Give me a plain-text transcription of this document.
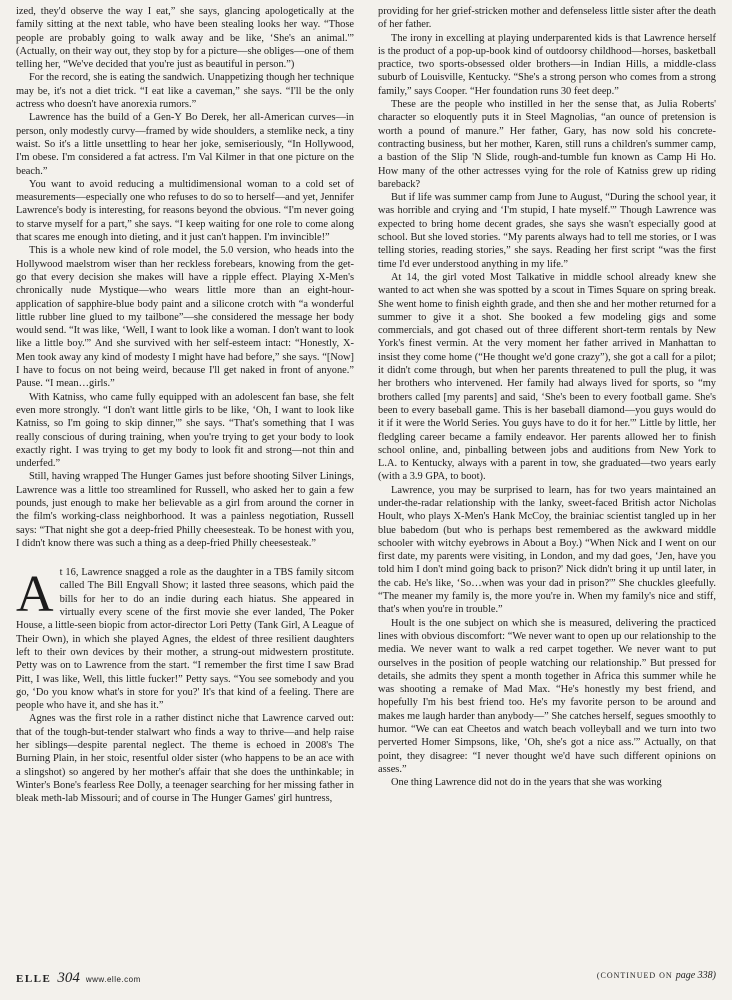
ized, they'd observe the way I eat,” she says, glancing apologetically at the family sitting at the next table, who have been stealing looks her way. “Those people are probably going to walk away and be like, ‘She's an animal.'” (Actually, on their way out, they stop by for a picture—she obliges—one of them telling her, “We've decided that you're just as beautiful in person.”)

For the record, she is eating the sandwich. Unappetizing though her technique may be, it's not a diet trick. “I eat like a caveman,” she says. “I'll be the only actress who doesn't have anorexia rumors.”

Lawrence has the build of a Gen-Y Bo Derek, her all-American curves—in person, only modestly curvy—framed by wide shoulders, a stemlike neck, a tiny waist. So it's a little unsettling to hear her joke, semiseriously, “In Hollywood, I'm obese. I'm considered a fat actress. I'm Val Kilmer in that one picture on the beach.”

You want to avoid reducing a multidimensional woman to a cold set of measurements—especially one who refuses to do so to herself—and yet, Jennifer Lawrence's body is interesting, for reasons beyond the obvious. “I'm never going to starve myself for a part,” she says. “I keep waiting for one role to come along that scares me enough into dieting, and it just can't happen. I'm invincible!”

This is a whole new kind of role model, the 5.0 version, who heads into the Hollywood maelstrom wiser than her reckless forebears, knowing from the get-go that every decision she makes will have a ripple effect. Playing X-Men's chronically nude Mystique—who wears little more than an eight-hour-application of sapphire-blue body paint and a silicone crotch with “a wonderful little rubber line glued to my tailbone”—she considered the message her body would send. “It was like, ‘Well, I want to look like a woman. I don't want to look like a little boy.'” And she survived with her self-esteem intact: “Honestly, X-Men took away any kind of modesty I might have had before,” she says. “[Now] I have to focus on not being weird, because I'll get naked in front of anyone.” Pause. “I mean…girls.”

With Katniss, who came fully equipped with an adolescent fan base, she felt even more strongly. “I don't want little girls to be like, ‘Oh, I want to look like Katniss, so I'm going to skip dinner,'” she says. “That's something that I was really conscious of during training, when you're trying to get your body to look exactly right. I was trying to get my body to look fit and strong—not thin and underfed.”

Still, having wrapped The Hunger Games just before shooting Silver Linings, Lawrence was a little too streamlined for Russell, who asked her to gain a few pounds, just enough to make her believable as a girl from around the corner in the film's working-class neighborhood. It was a painless negotiation, Russell says: “That night she got a deep-fried Philly cheesesteak. To be honest with you, I didn't know there was such a thing as a deep-fried Philly cheesesteak.”

At 16, Lawrence snagged a role as the daughter in a TBS family sitcom called The Bill Engvall Show; it lasted three seasons, which paid the bills for her to do an indie during each hiatus. She appeared in virtually every scene of the first movie she ever landed, The Poker House, a little-seen biopic from actor-director Lori Petty (Tank Girl, A League of Their Own), in which she played Agnes, the eldest of three resilient daughters left to their own devices by their mother, a strung-out midwestern prostitute. Petty was on to Lawrence from the start. “I remember the first time I saw Brad Pitt, I was like, Well, this little fucker!” Petty says. “You see somebody and you go, ‘Do you know what's in store for you?' It's that kind of a feeling. There are people who have it, and she has it.”

Agnes was the first role in a rather distinct niche that Lawrence carved out: that of the tough-but-tender stalwart who finds a way to thrive—and help raise her siblings—despite parental neglect. The theme is echoed in 2008's The Burning Plain, in her stoic, resentful older sister (who happens to be an ace with a slingshot) so angered by her mother's affair that she does the unthinkable; in Winter's Bone's fearless Ree Dolly, a teenager searching for her missing father in bleak meth-lab Missouri; and of course in The Hunger Games' girl huntress,

providing for her grief-stricken mother and defenseless little sister after the death of her father.

The irony in excelling at playing underparented kids is that Lawrence herself is the product of a pop-up-book kind of outdoorsy childhood—horses, basketball practice, two sports-obsessed older brothers—in Indian Hills, a middle-class suburb of Louisville, Kentucky. “She's a strong person who comes from a strong family,” says Cooper. “Her foundation runs 30 feet deep.”

These are the people who instilled in her the sense that, as Julia Roberts' character so eloquently puts it in Steel Magnolias, “an ounce of pretension is worth a pound of manure.” Her father, Gary, has now sold his concrete-contracting business, but her mother, Karen, still runs a children's summer camp, a bastion of the Slip 'N Slide, rough-and-tumble fun known as Camp Hi Ho. How many of the other actresses vying for the role of Katniss grew up riding bareback?

But if life was summer camp from June to August, “During the school year, it was horrible and crying and ‘I'm stupid, I hate myself.'” Though Lawrence was expected to bring home decent grades, she says she wasn't especially good at school. But she loved stories. “My parents always had to tell me stories, or I was telling stories, reading stories,” she says. Reading her first script “was the first time I'd ever understood anything in my life.”

At 14, the girl voted Most Talkative in middle school already knew she wanted to act when she was spotted by a scout in Times Square on spring break. She went home to finish eighth grade, and then she and her mother returned for a summer to give it a shot. She booked a few modeling gigs and some commercials, and got chased out of three different short-term rentals by New York's finest vermin. At the very moment her father arrived in Manhattan to insist they come home (“He thought we'd gone crazy”), she got a call for a pilot; it didn't come through, but when her parents threatened to pull the plug, it was her brothers who intervened. Her family had always lived for sports, so “my brothers called [my parents] and said, ‘She's been to every football game. She's been to every baseball game. This is her baseball diamond—you guys would do it if it were the World Series. You guys have to do it for her.'” Little by little, her fledgling career became a family endeavor. Her parents allowed her to finish school online, and, pinballing between jobs and auditions from New York to L.A. to Kentucky, always with a parent in tow, she graduated—two years early (with a 3.9 GPA, to boot).

Lawrence, you may be surprised to learn, has for two years maintained an under-the-radar relationship with the lanky, sweet-faced British actor Nicholas Hoult, who plays X-Men's Hank McCoy, the brainiac scientist tangled up in her blue babedom (but who is perhaps best remembered as the awkward middle schooler with witchy eyebrows in About a Boy.) “When Nick and I went on our first date, my parents were visiting, in London, and my dad goes, ‘Jen, have you told him I don't mind going back to prison?' Nick didn't bring it up until later, in the cab. He's like, ‘So…when was your dad in prison?'” She chuckles gleefully. “The meaner my family is, the more you're in. When my family's nice and stiff, that's when you're in trouble.”

Hoult is the one subject on which she is measured, delivering the practiced lines with obvious discomfort: “We never want to open up our relationship to the media. We never want to walk a red carpet together. We never want to put ourselves in the position of people watching our relationship.” But pressed for details, she admits they spent a month together in Africa this summer while he was shooting a remake of Mad Max. “He's honestly my best friend, and hopefully I'm his best friend too. He's my favorite person to be around and makes me laugh harder than anybody—” She catches herself, segues smoothly to humor. “We can eat Cheetos and watch beach volleyball and we turn into two perverted Homer Simpsons, like, ‘Oh, she's got a nice ass.'” Actually, on that point, they disagree: “I never thought we'd have such different opinions on asses.”

One thing Lawrence did not do in the years that she was working

ELLE 304 www.elle.com	(CONTINUED ON page 338)
